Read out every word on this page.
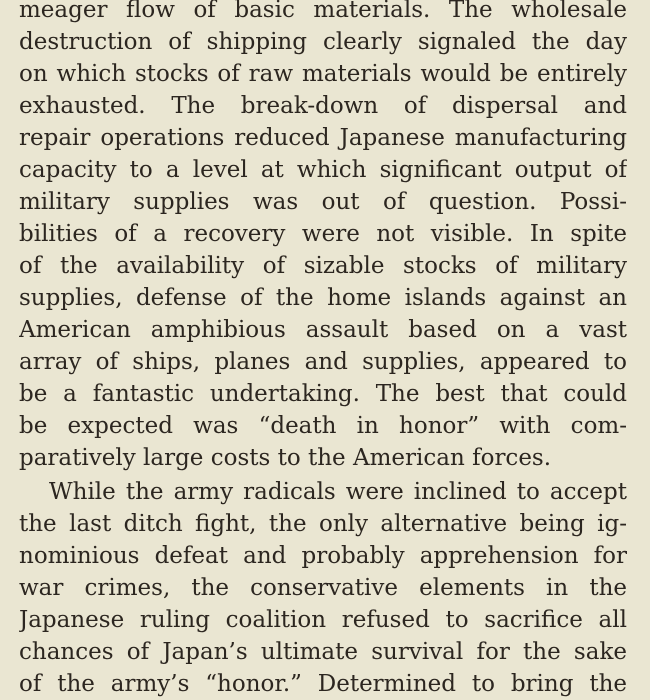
meager flow of basic materials. The wholesale
destruction of shipping clearly signaled the day
on which stocks of raw materials would be entirely
exhausted. The break-down of dispersal and
repair operations reduced Japanese manufacturing
capacity to a level at which significant output of
military supplies was out of question. Possi-
bilities of a recovery were not visible. In spite
of the availability of sizable stocks of military
supplies, defense of the home islands against an
American amphibious assault based on a vast
array of ships, planes and supplies, appeared to
be a fantastic undertaking. The best that could
be expected was “death in honor” with com-
paratively large costs to the American forces.
While the army radicals were inclined to accept
the last ditch fight, the only alternative being ig-
nominious defeat and probably apprehension for
war crimes, the conservative elements in the
Japanese ruling coalition refused to sacrifice all
chances of Japan’s ultimate survival for the sake
of the army’s “honor.” Determined to bring the
